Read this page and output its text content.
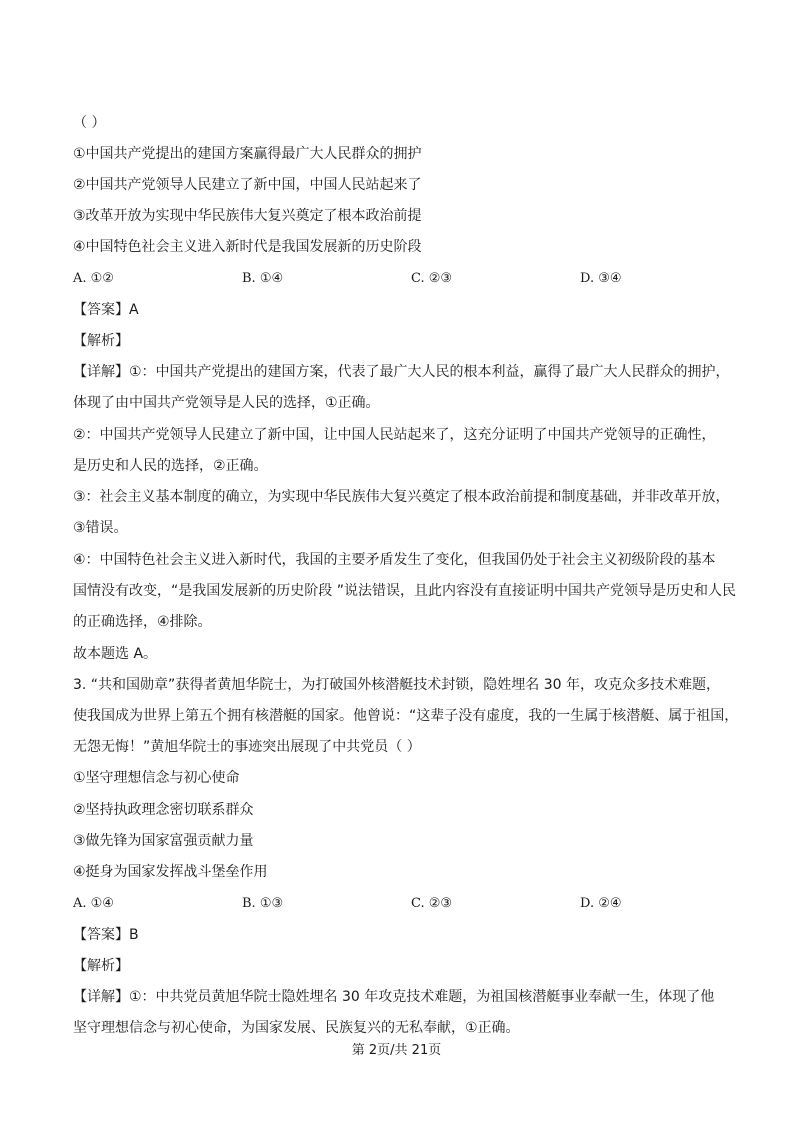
（ ）
①中国共产党提出的建国方案赢得最广大人民群众的拥护
②中国共产党领导人民建立了新中国，中国人民站起来了
③改革开放为实现中华民族伟大复兴奠定了根本政治前提
④中国特色社会主义进入新时代是我国发展新的历史阶段
A. ①②	B. ①④	C. ②③	D. ③④
【答案】A
【解析】
【详解】①：中国共产党提出的建国方案，代表了最广大人民的根本利益，赢得了最广大人民群众的拥护，
体现了由中国共产党领导是人民的选择，①正确。
②：中国共产党领导人民建立了新中国，让中国人民站起来了，这充分证明了中国共产党领导的正确性，
是历史和人民的选择，②正确。
③：社会主义基本制度的确立，为实现中华民族伟大复兴奠定了根本政治前提和制度基础，并非改革开放，
③错误。
④：中国特色社会主义进入新时代，我国的主要矛盾发生了变化，但我国仍处于社会主义初级阶段的基本
国情没有改变，“是我国发展新的历史阶段 ”说法错误，且此内容没有直接证明中国共产党领导是历史和人民
的正确选择，④排除。
故本题选 A。
3. “共和国勋章”获得者黄旭华院士，为打破国外核潜艇技术封锁，隐姓埋名 30 年，攻克众多技术难题，
使我国成为世界上第五个拥有核潜艇的国家。他曾说：“这辈子没有虚度，我的一生属于核潜艇、属于祖国，
无怨无悔！”黄旭华院士的事迹突出展现了中共党员（ ）
①坚守理想信念与初心使命
②坚持执政理念密切联系群众
③做先锋为国家富强贡献力量
④挺身为国家发挥战斗堡垒作用
A. ①④	B. ①③	C. ②③	D. ②④
【答案】B
【解析】
【详解】①：中共党员黄旭华院士隐姓埋名 30 年攻克技术难题，为祖国核潜艇事业奉献一生，体现了他
坚守理想信念与初心使命，为国家发展、民族复兴的无私奉献，①正确。
第 2页/共 21页
